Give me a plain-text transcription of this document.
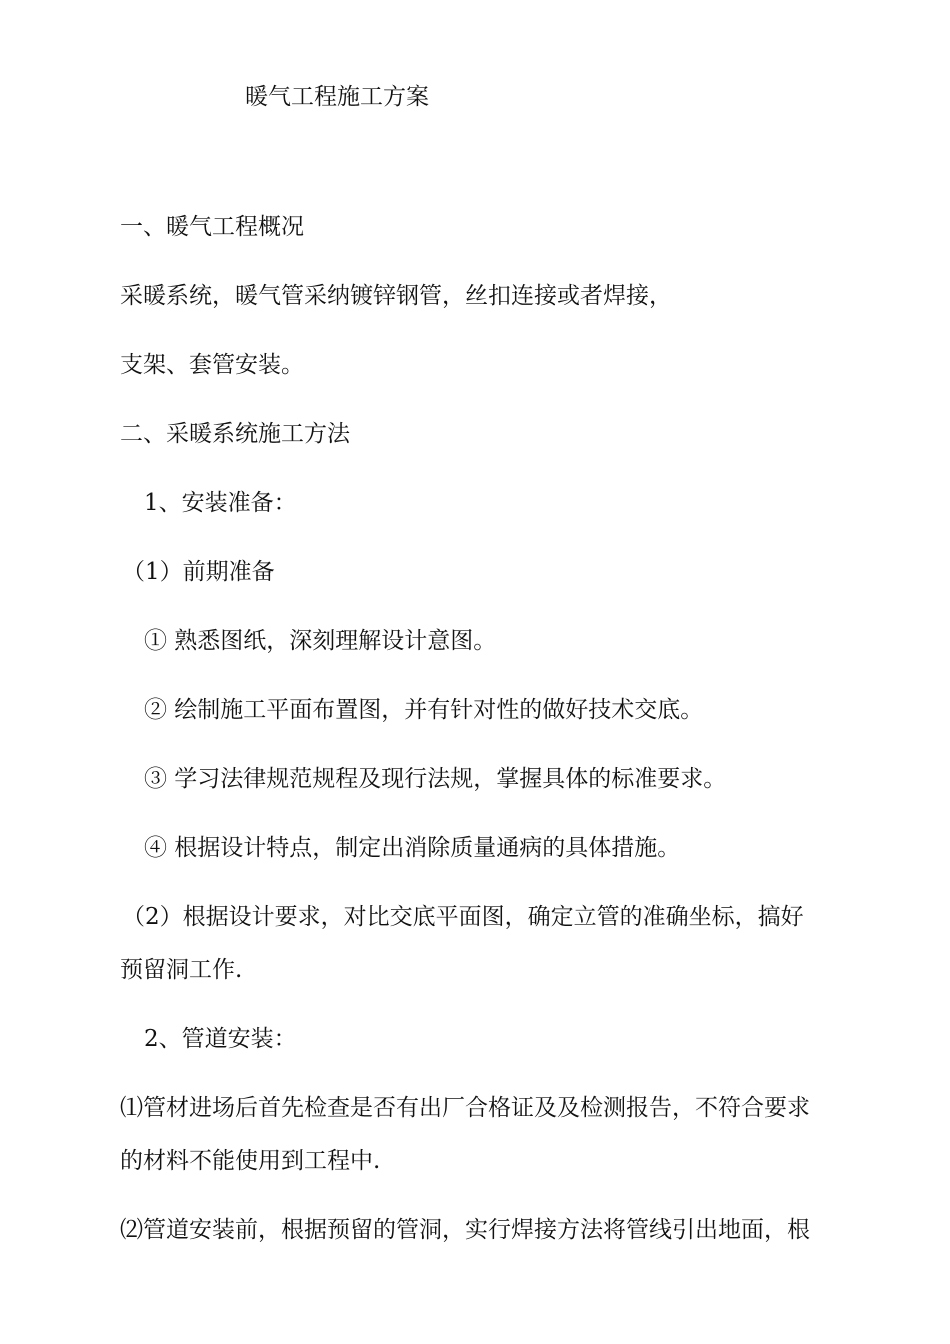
暖气工程施工方案
一、暖气工程概况
采暖系统，暖气管采纳镀锌钢管，丝扣连接或者焊接，
支架、套管安装。
二、采暖系统施工方法
1、安装准备：
（1）前期准备
① 熟悉图纸，深刻理解设计意图。
② 绘制施工平面布置图，并有针对性的做好技术交底。
③ 学习法律规范规程及现行法规，掌握具体的标准要求。
④ 根据设计特点，制定出消除质量通病的具体措施。
（2）根据设计要求，对比交底平面图，确定立管的准确坐标，搞好
预留洞工作.
2、管道安装：
⑴管材进场后首先检查是否有出厂合格证及及检测报告，不符合要求
的材料不能使用到工程中.
⑵管道安装前，根据预留的管洞，实行焊接方法将管线引出地面，根
